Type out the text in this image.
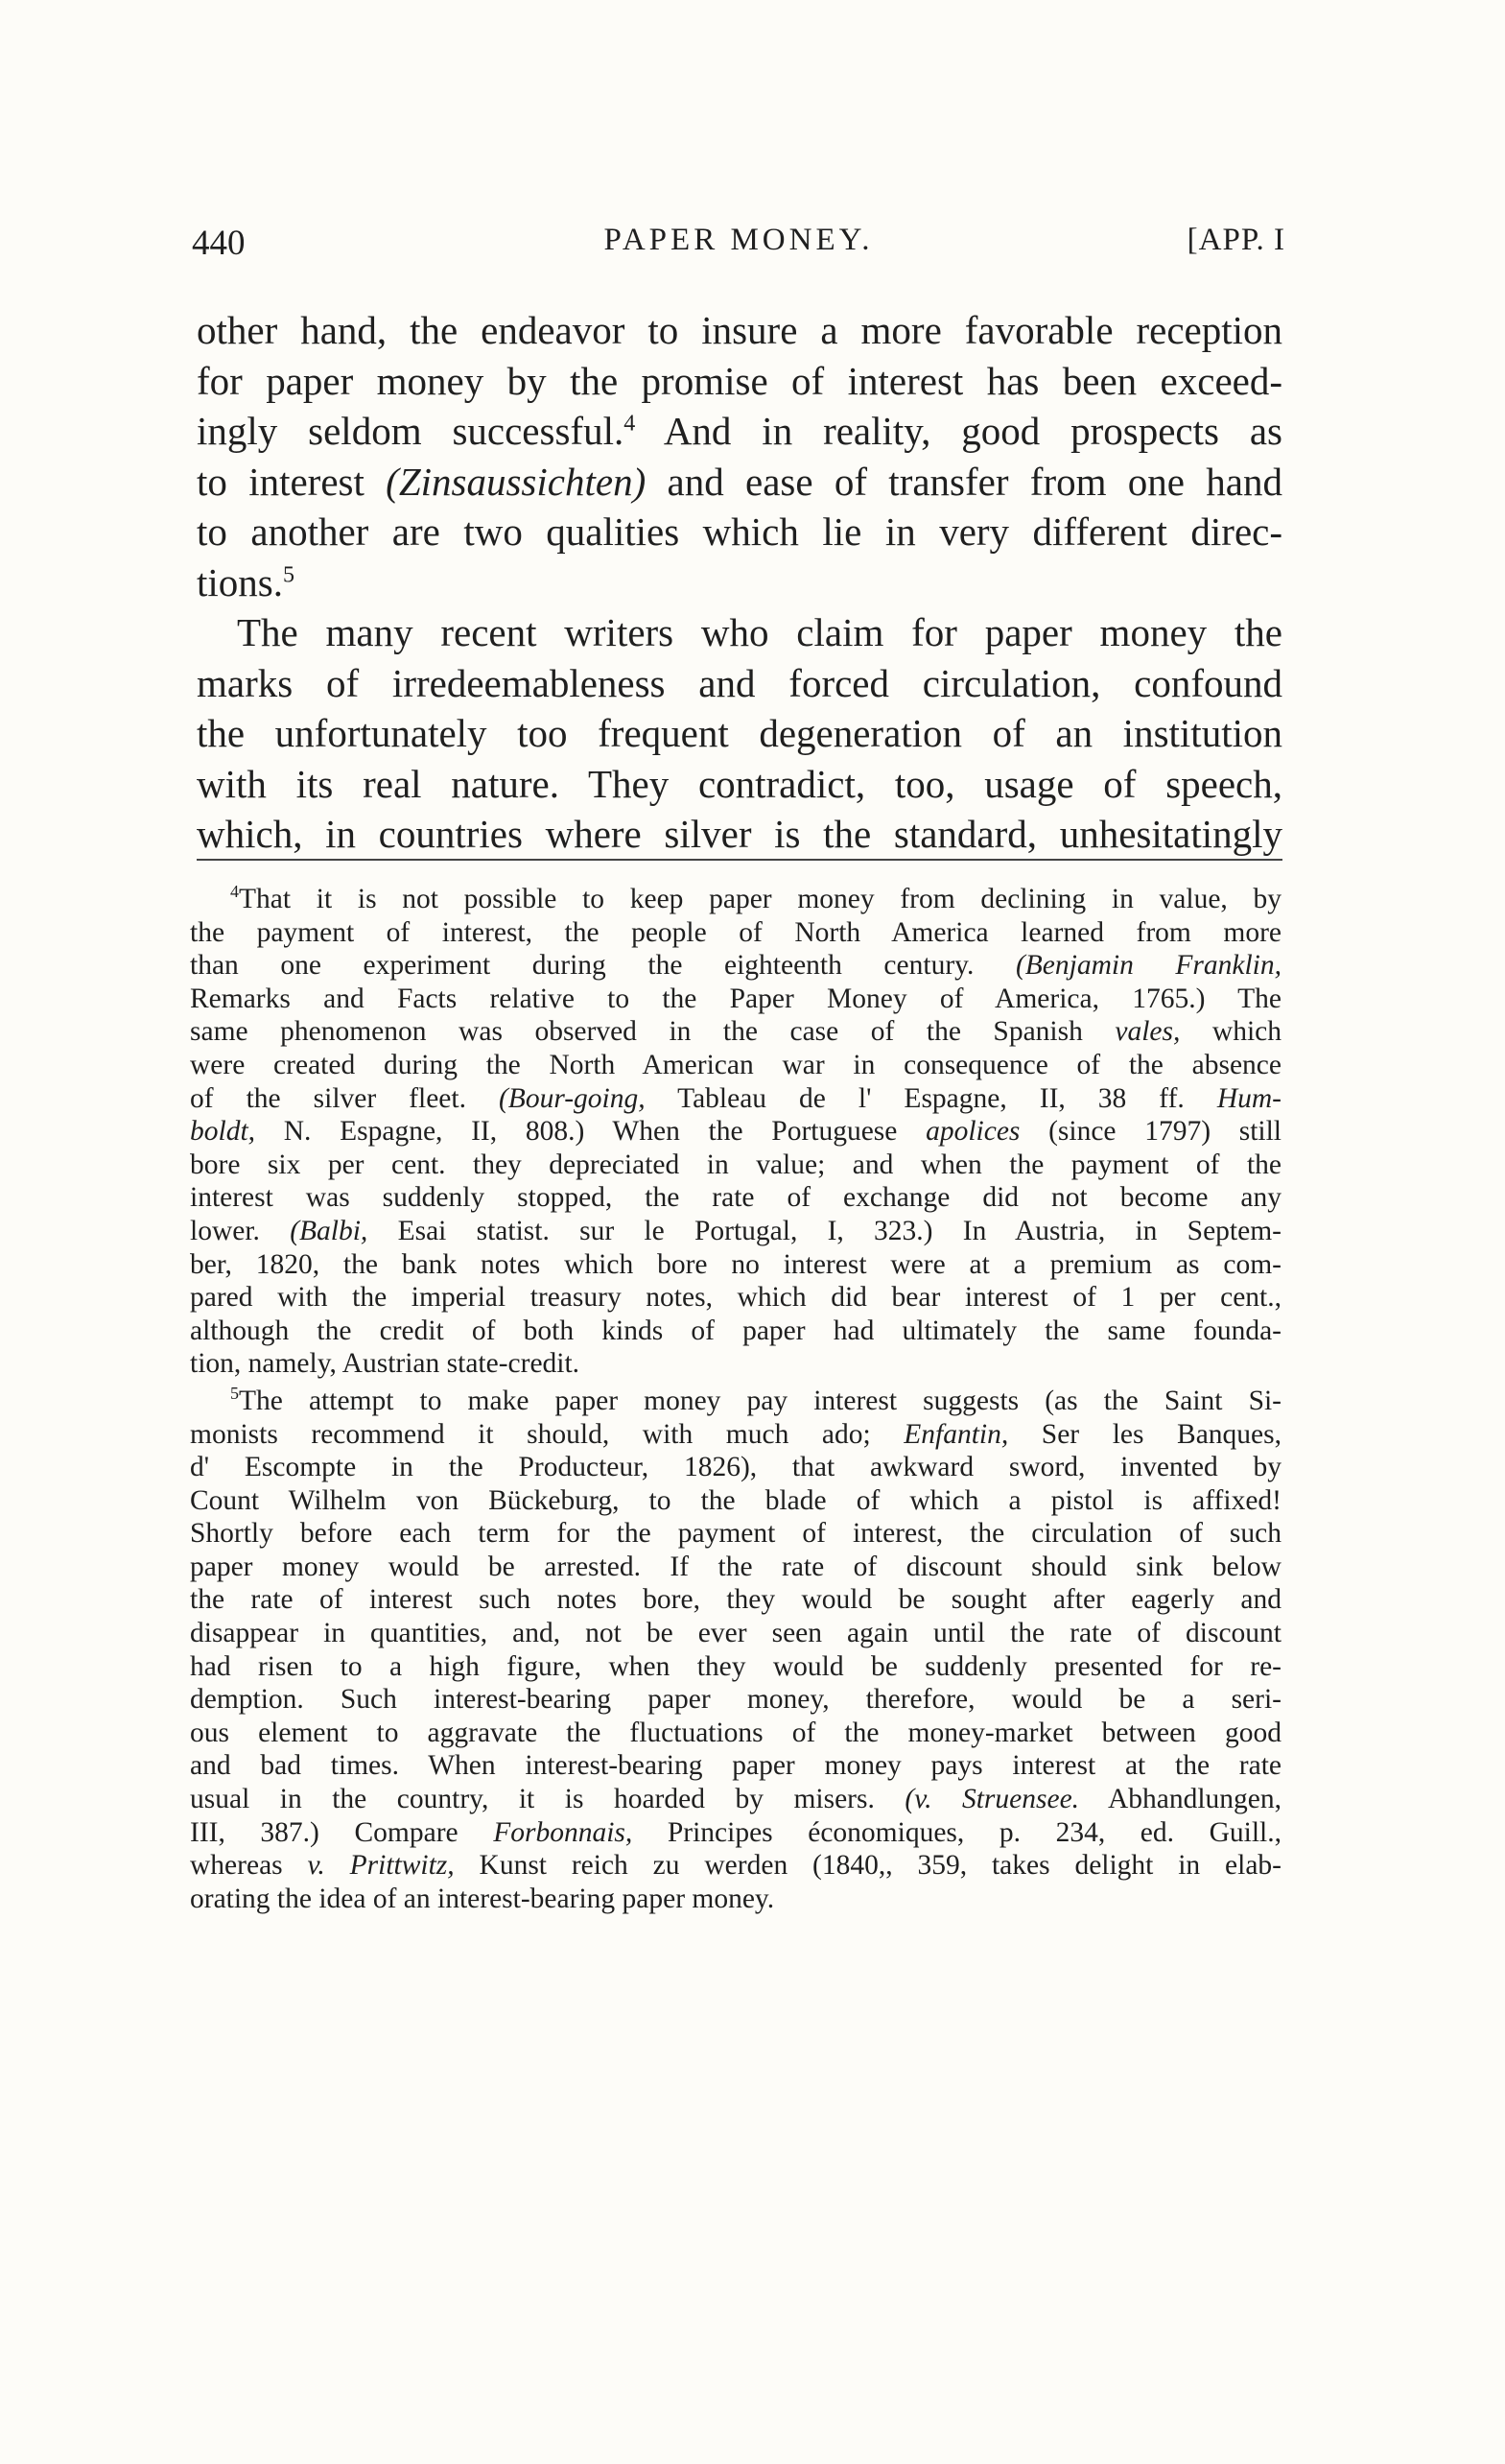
440	PAPER MONEY.	[APP. I
other hand, the endeavor to insure a more favorable reception
for paper money by the promise of interest has been exceed-
ingly seldom successful.$^4$ And in reality, good prospects as
to interest (Zinsaussichten) and ease of transfer from one hand
to another are two qualities which lie in very different direc-
tions.$^5$
The many recent writers who claim for paper money the
marks of irredeemableness and forced circulation, confound
the unfortunately too frequent degeneration of an institution
with its real nature. They contradict, too, usage of speech,
which, in countries where silver is the standard, unhesitatingly
$^4$That it is not possible to keep paper money from declining in value, by
the payment of interest, the people of North America learned from more
than one experiment during the eighteenth century. (Benjamin Franklin,
Remarks and Facts relative to the Paper Money of America, 1765.) The
same phenomenon was observed in the case of the Spanish vales, which
were created during the North American war in consequence of the absence
of the silver fleet. (Bour-going, Tableau de l' Espagne, II, 38 ff. Hum-
boldt, N. Espagne, II, 808.) When the Portuguese apolices (since 1797) still
bore six per cent. they depreciated in value; and when the payment of the
interest was suddenly stopped, the rate of exchange did not become any
lower. (Balbi, Esai statist. sur le Portugal, I, 323.) In Austria, in Septem-
ber, 1820, the bank notes which bore no interest were at a premium as com-
pared with the imperial treasury notes, which did bear interest of 1 per cent.,
although the credit of both kinds of paper had ultimately the same founda-
tion, namely, Austrian state-credit.
$^5$The attempt to make paper money pay interest suggests (as the Saint Si-
monists recommend it should, with much ado; Enfantin, Ser les Banques,
d' Escompte in the Producteur, 1826), that awkward sword, invented by
Count Wilhelm von Bückeburg, to the blade of which a pistol is affixed!
Shortly before each term for the payment of interest, the circulation of such
paper money would be arrested. If the rate of discount should sink below
the rate of interest such notes bore, they would be sought after eagerly and
disappear in quantities, and, not be ever seen again until the rate of discount
had risen to a high figure, when they would be suddenly presented for re-
demption. Such interest-bearing paper money, therefore, would be a seri-
ous element to aggravate the fluctuations of the money-market between good
and bad times. When interest-bearing paper money pays interest at the rate
usual in the country, it is hoarded by misers. (v. Struensee. Abhandlungen,
III, 387.) Compare Forbonnais, Principes économiques, p. 234, ed. Guill.,
whereas v. Prittwitz, Kunst reich zu werden (1840,, 359, takes delight in elab-
orating the idea of an interest-bearing paper money.
